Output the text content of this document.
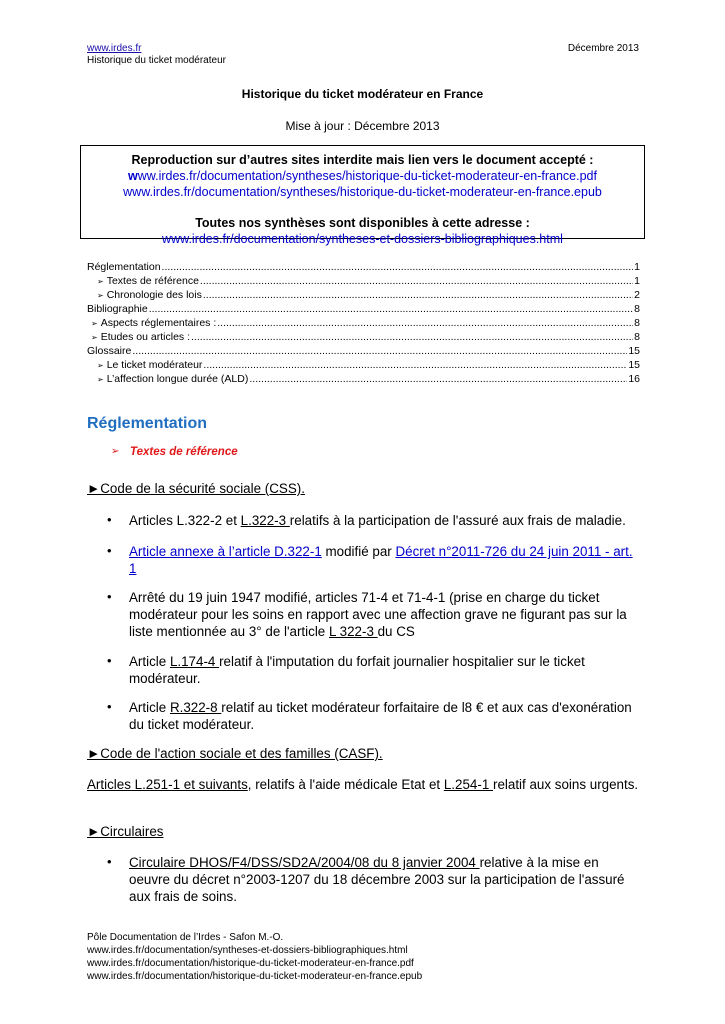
www.irdes.fr
Historique du ticket modérateur
Décembre 2013
Historique du ticket modérateur en France
Mise à jour : Décembre 2013
Reproduction sur d’autres sites interdite mais lien vers le document accepté :
www.irdes.fr/documentation/syntheses/historique-du-ticket-moderateur-en-france.pdf
www.irdes.fr/documentation/syntheses/historique-du-ticket-moderateur-en-france.epub
Toutes nos synthèses sont disponibles à cette adresse :
www.irdes.fr/documentation/syntheses-et-dossiers-bibliographiques.html
Réglementation .....	1
➢ Textes de référence .....	1
➢ Chronologie des lois .....	2
Bibliographie .....	8
➢ Aspects réglementaires : .....	8
➢ Etudes ou articles : .....	8
Glossaire .....	15
➢ Le ticket modérateur .....	15
➢ L’affection longue durée (ALD) .....	16
Réglementation
➢ Textes de référence
►Code de la sécurité sociale (CSS).
• Articles L.322-2 et L.322-3 relatifs à la participation de l'assuré aux frais de maladie.
• Article annexe à l’article D.322-1 modifié par Décret n°2011-726 du 24 juin 2011 - art.
1
• Arrêté du 19 juin 1947 modifié, articles 71-4 et 71-4-1 (prise en charge du ticket
modérateur pour les soins en rapport avec une affection grave ne figurant pas sur la
liste mentionnée au 3° de l'article L 322-3 du CS
• Article L.174-4 relatif à l'imputation du forfait journalier hospitalier sur le ticket
modérateur.
• Article R.322-8 relatif au ticket modérateur forfaitaire de l8 € et aux cas d'exonération
du ticket modérateur.
►Code de l'action sociale et des familles (CASF).
Articles L.251-1 et suivants, relatifs à l'aide médicale Etat et L.254-1 relatif aux soins urgents.
►Circulaires
• Circulaire DHOS/F4/DSS/SD2A/2004/08 du 8 janvier 2004 relative à la mise en
oeuvre du décret n°2003-1207 du 18 décembre 2003 sur la participation de l'assuré
aux frais de soins.
Pôle Documentation de l’Irdes - Safon M.-O.
www.irdes.fr/documentation/syntheses-et-dossiers-bibliographiques.html
www.irdes.fr/documentation/historique-du-ticket-moderateur-en-france.pdf
www.irdes.fr/documentation/historique-du-ticket-moderateur-en-france.epub
